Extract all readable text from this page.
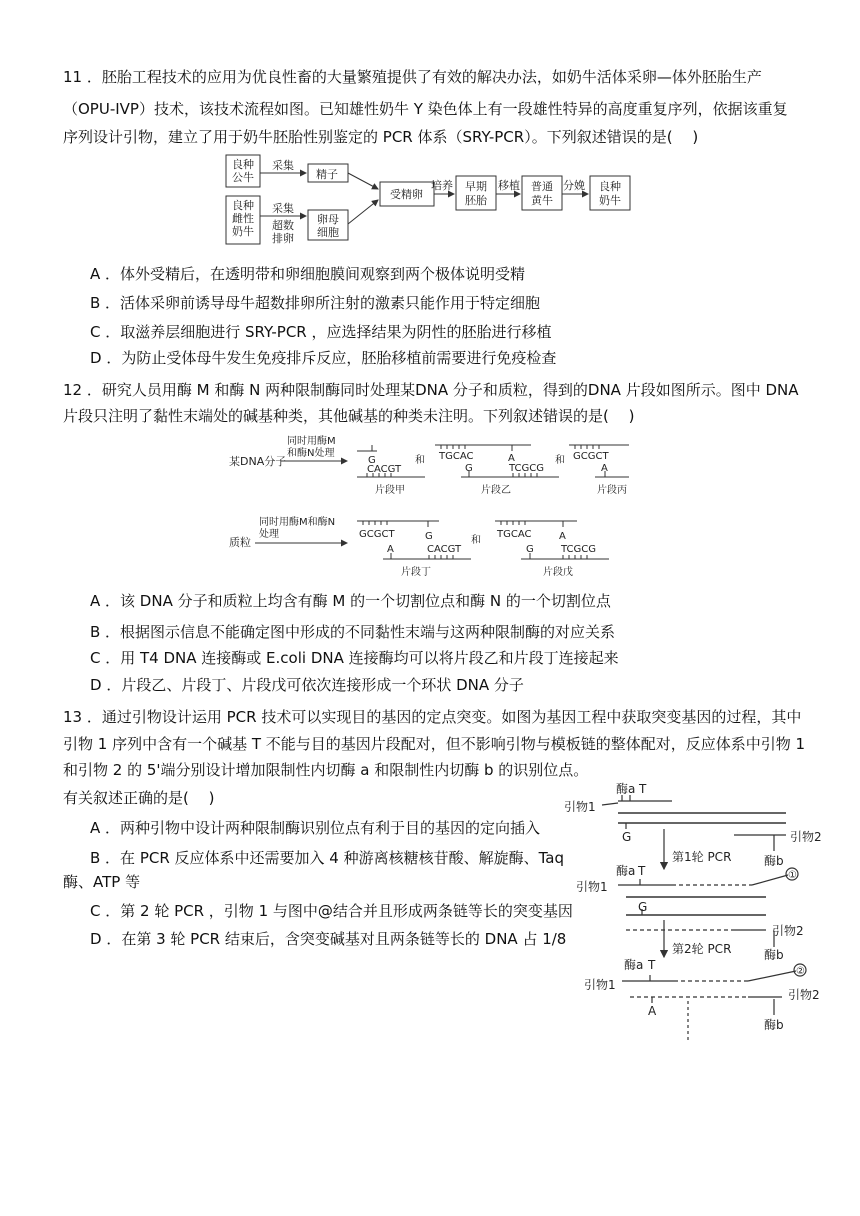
11 ．胚胎工程技术的应用为优良性畜的大量繁殖提供了有效的解决办法，如奶牛活体采卵—体外胚胎生产
（OPU-IVP）技术，该技术流程如图。已知雄性奶牛 Y 染色体上有一段雄性特异的高度重复序列，依据该重复
序列设计引物，建立了用于奶牛胚胎性别鉴定的 PCR 体系（SRY-PCR）。下列叙述错误的是(　 )
良种
公牛
良种
雌性
奶牛
采集
采集
超数
排卵
精子
卵母
细胞
受精卵
培养 早期
胚胎
移植 普通
黄牛
分娩 良种
奶牛
A ．体外受精后，在透明带和卵细胞膜间观察到两个极体说明受精
B ．活体采卵前诱导母牛超数排卵所注射的激素只能作用于特定细胞
C ．取滋养层细胞进行 SRY-PCR ，应选择结果为阴性的胚胎进行移植
D ．为防止受体母牛发生免疫排斥反应，胚胎移植前需要进行免疫检查
12 ．研究人员用酶 M 和酶 N 两种限制酶同时处理某DNA 分子和质粒，得到的DNA 片段如图所示。图中 DNA
片段只注明了黏性末端处的碱基种类，其他碱基的种类未注明。下列叙述错误的是(　 )
某DNA分子
同时用酶M
和酶N处理
G
CACGT
片段甲
和 TGCAC
G
A
TCGCG
片段乙
和 GCGCT
A
片段丙
质粒
同时用酶M和酶N
处理	GCGCT
A
G
CACGT
片段丁
和
TGCAC
G
A
TCGCG
片段戊
A ．该 DNA 分子和质粒上均含有酶 M 的一个切割位点和酶 N 的一个切割位点
B ．根据图示信息不能确定图中形成的不同黏性末端与这两种限制酶的对应关系
C ．用 T4 DNA 连接酶或 E.coli DNA 连接酶均可以将片段乙和片段丁连接起来
D ．片段乙、片段丁、片段戊可依次连接形成一个环状 DNA 分子
13 ．通过引物设计运用 PCR 技术可以实现目的基因的定点突变。如图为基因工程中获取突变基因的过程，其中
引物 1 序列中含有一个碱基 T 不能与目的基因片段配对，但不影响引物与模板链的整体配对，反应体系中引物 1
和引物 2 的 5'端分别设计增加限制性内切酶 a 和限制性内切酶 b 的识别位点。
有关叙述正确的是(　 )
A ．两种引物中设计两种限制酶识别位点有利于目的基因的定向插入
B ．在 PCR 反应体系中还需要加入 4 种游离核糖核苷酸、解旋酶、Taq
酶、ATP 等
C ．第 2 轮 PCR ，引物 1 与图中@结合并且形成两条链等长的突变基因
D ．在第 3 轮 PCR 结束后，含突变碱基对且两条链等长的 DNA 占 1/8
酶a T
引物1
G	引物2
酶b
第1轮 PCR
酶a T
引物1
①
G
引物2
酶b
第2轮 PCR
酶a T
引物1
②
引物2
A
酶b
